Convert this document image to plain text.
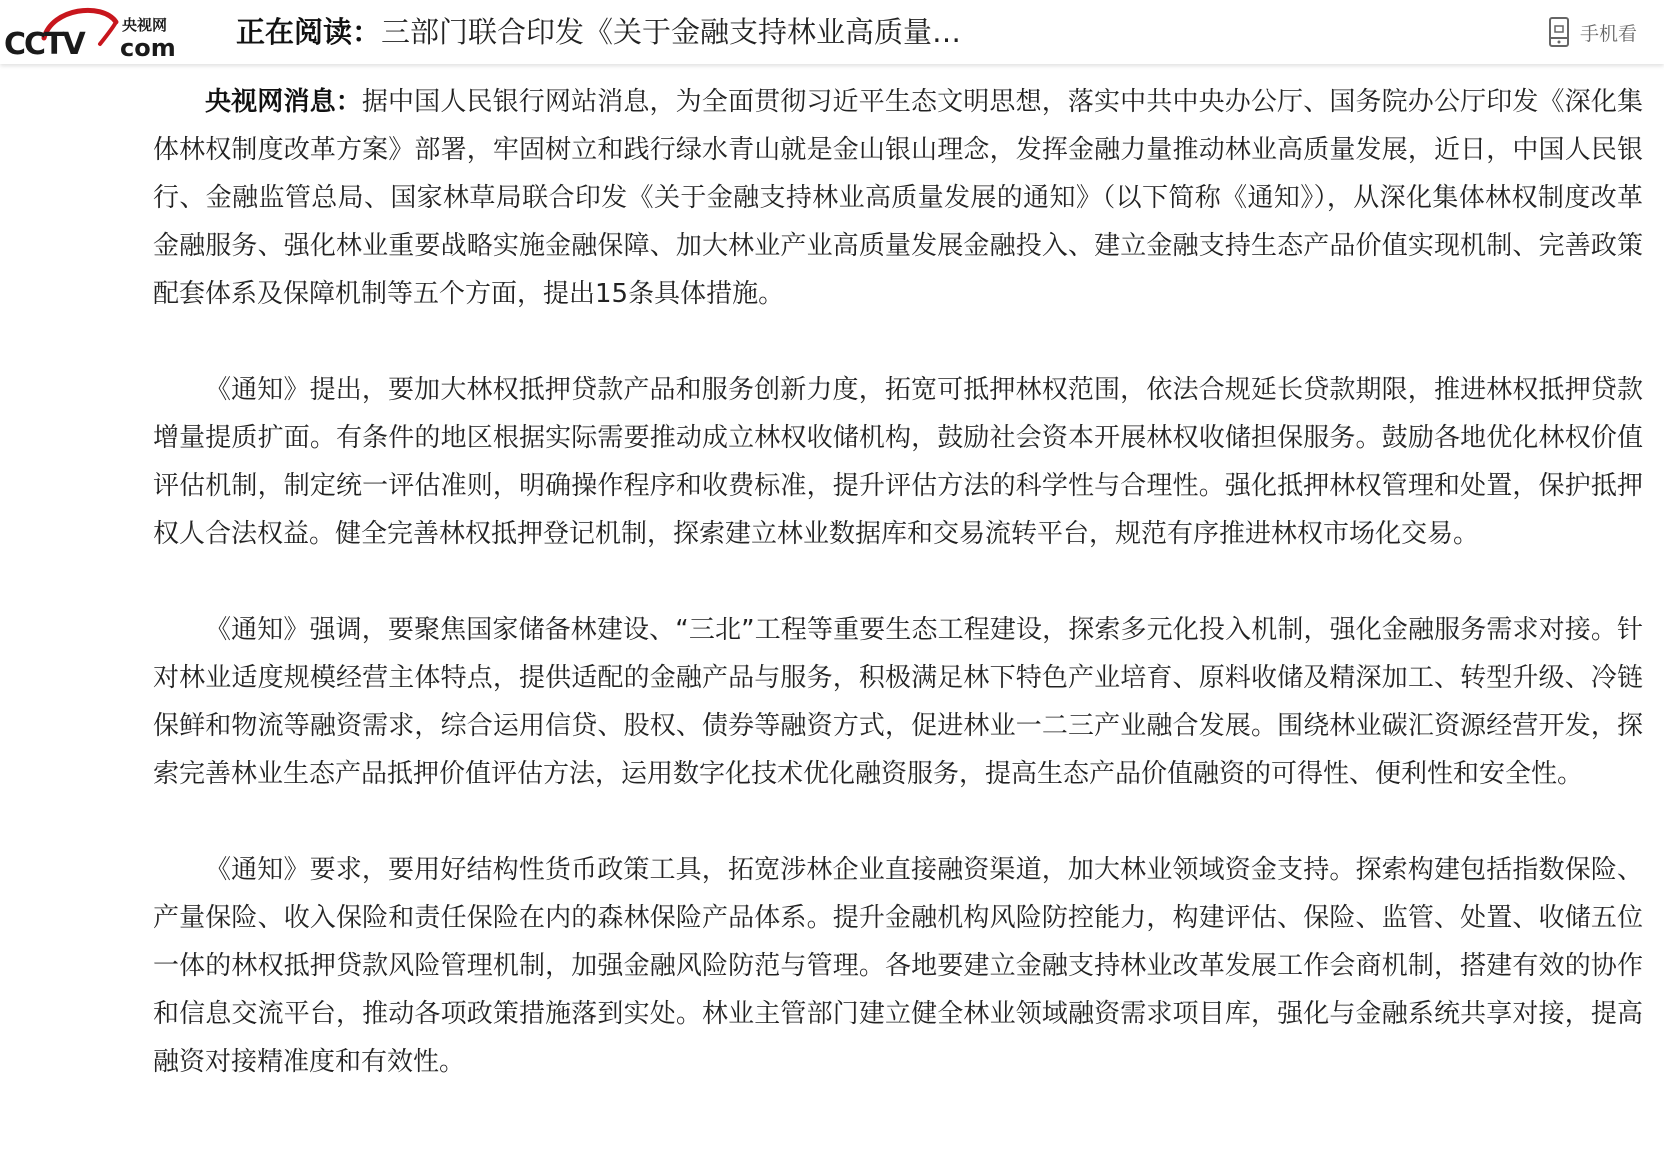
CCTV
央视网
com 正在阅读：三部门联合印发《关于金融支持林业高质量…	手机看

央视网消息：据中国人民银行网站消息，为全面贯彻习近平生态文明思想，落实中共中央办公厅、国务院办公厅印发《深化集体林权制度改革方案》部署，牢固树立和践行绿水青山就是金山银山理念，发挥金融力量推动林业高质量发展，近日，中国人民银行、金融监管总局、国家林草局联合印发《关于金融支持林业高质量发展的通知》（以下简称《通知》），从深化集体林权制度改革金融服务、强化林业重要战略实施金融保障、加大林业产业高质量发展金融投入、建立金融支持生态产品价值实现机制、完善政策配套体系及保障机制等五个方面，提出15条具体措施。

《通知》提出，要加大林权抵押贷款产品和服务创新力度，拓宽可抵押林权范围，依法合规延长贷款期限，推进林权抵押贷款增量提质扩面。有条件的地区根据实际需要推动成立林权收储机构，鼓励社会资本开展林权收储担保服务。鼓励各地优化林权价值评估机制，制定统一评估准则，明确操作程序和收费标准，提升评估方法的科学性与合理性。强化抵押林权管理和处置，保护抵押权人合法权益。健全完善林权抵押登记机制，探索建立林业数据库和交易流转平台，规范有序推进林权市场化交易。

《通知》强调，要聚焦国家储备林建设、“三北”工程等重要生态工程建设，探索多元化投入机制，强化金融服务需求对接。针对林业适度规模经营主体特点，提供适配的金融产品与服务，积极满足林下特色产业培育、原料收储及精深加工、转型升级、冷链保鲜和物流等融资需求，综合运用信贷、股权、债券等融资方式，促进林业一二三产业融合发展。围绕林业碳汇资源经营开发，探索完善林业生态产品抵押价值评估方法，运用数字化技术优化融资服务，提高生态产品价值融资的可得性、便利性和安全性。

《通知》要求，要用好结构性货币政策工具，拓宽涉林企业直接融资渠道，加大林业领域资金支持。探索构建包括指数保险、产量保险、收入保险和责任保险在内的森林保险产品体系。提升金融机构风险防控能力，构建评估、保险、监管、处置、收储五位一体的林权抵押贷款风险管理机制，加强金融风险防范与管理。各地要建立金融支持林业改革发展工作会商机制，搭建有效的协作和信息交流平台，推动各项政策措施落到实处。林业主管部门建立健全林业领域融资需求项目库，强化与金融系统共享对接，提高融资对接精准度和有效性。
